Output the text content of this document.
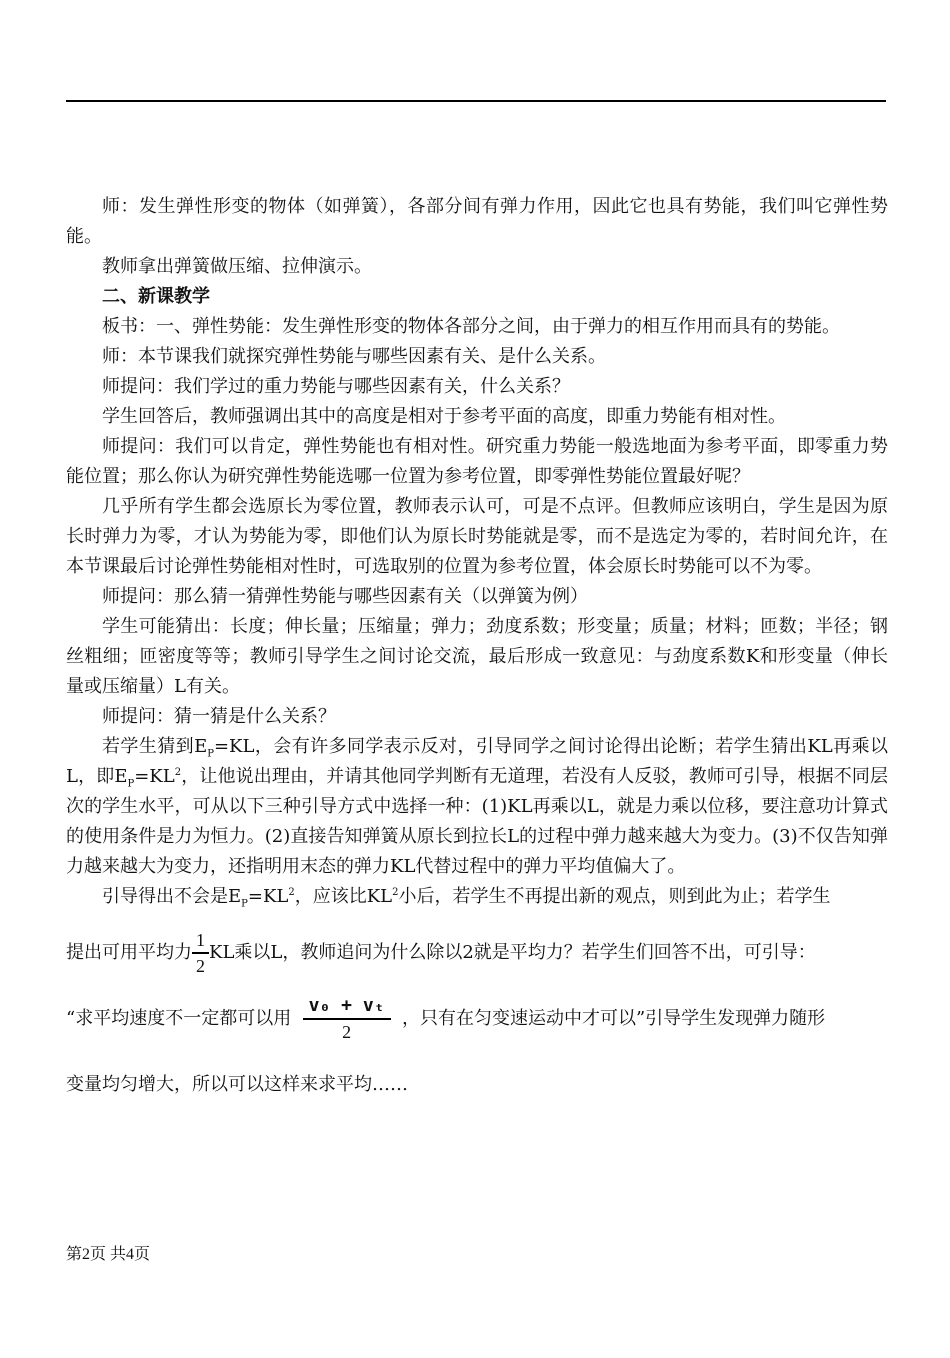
师：发生弹性形变的物体（如弹簧），各部分间有弹力作用，因此它也具有势能，我们叫它弹性势能。

教师拿出弹簧做压缩、拉伸演示。

二、新课教学

板书：一、弹性势能：发生弹性形变的物体各部分之间，由于弹力的相互作用而具有的势能。

师：本节课我们就探究弹性势能与哪些因素有关、是什么关系。

师提问：我们学过的重力势能与哪些因素有关，什么关系？

学生回答后，教师强调出其中的高度是相对于参考平面的高度，即重力势能有相对性。

师提问：我们可以肯定，弹性势能也有相对性。研究重力势能一般选地面为参考平面，即零重力势能位置；那么你认为研究弹性势能选哪一位置为参考位置，即零弹性势能位置最好呢？

几乎所有学生都会选原长为零位置，教师表示认可，可是不点评。但教师应该明白，学生是因为原长时弹力为零，才认为势能为零，即他们认为原长时势能就是零，而不是选定为零的，若时间允许，在本节课最后讨论弹性势能相对性时，可选取别的位置为参考位置，体会原长时势能可以不为零。

师提问：那么猜一猜弹性势能与哪些因素有关（以弹簧为例）

学生可能猜出：长度；伸长量；压缩量；弹力；劲度系数；形变量；质量；材料；匝数；半径；钢丝粗细；匝密度等等；教师引导学生之间讨论交流，最后形成一致意见：与劲度系数K和形变量（伸长量或压缩量）L有关。

师提问：猜一猜是什么关系？

若学生猜到$E_P=KL$，会有许多同学表示反对，引导同学之间讨论得出论断；若学生猜出KL再乘以L，即$E_P=KL^2$，让他说出理由，并请其他同学判断有无道理，若没有人反驳，教师可引导，根据不同层次的学生水平，可从以下三种引导方式中选择一种：(1)KL再乘以L，就是力乘以位移，要注意功计算式的使用条件是力为恒力。(2)直接告知弹簧从原长到拉长L的过程中弹力越来越大为变力。(3)不仅告知弹力越来越大为变力，还指明用末态的弹力KL代替过程中的弹力平均值偏大了。

引导得出不会是$E_P=KL^2$，应该比$KL^2$小后，若学生不再提出新的观点，则到此为止；若学生

提出可用平均力 $\frac{1}{2}$ KL乘以L，教师追问为什么除以2就是平均力？若学生们回答不出，可引导：

“求平均速度不一定都可以用 $\frac{\text{v₀ + vₜ}}{2}$ ，只有在匀变速运动中才可以”引导学生发现弹力随形

变量均匀增大，所以可以这样来求平均……

第2页 共4页
